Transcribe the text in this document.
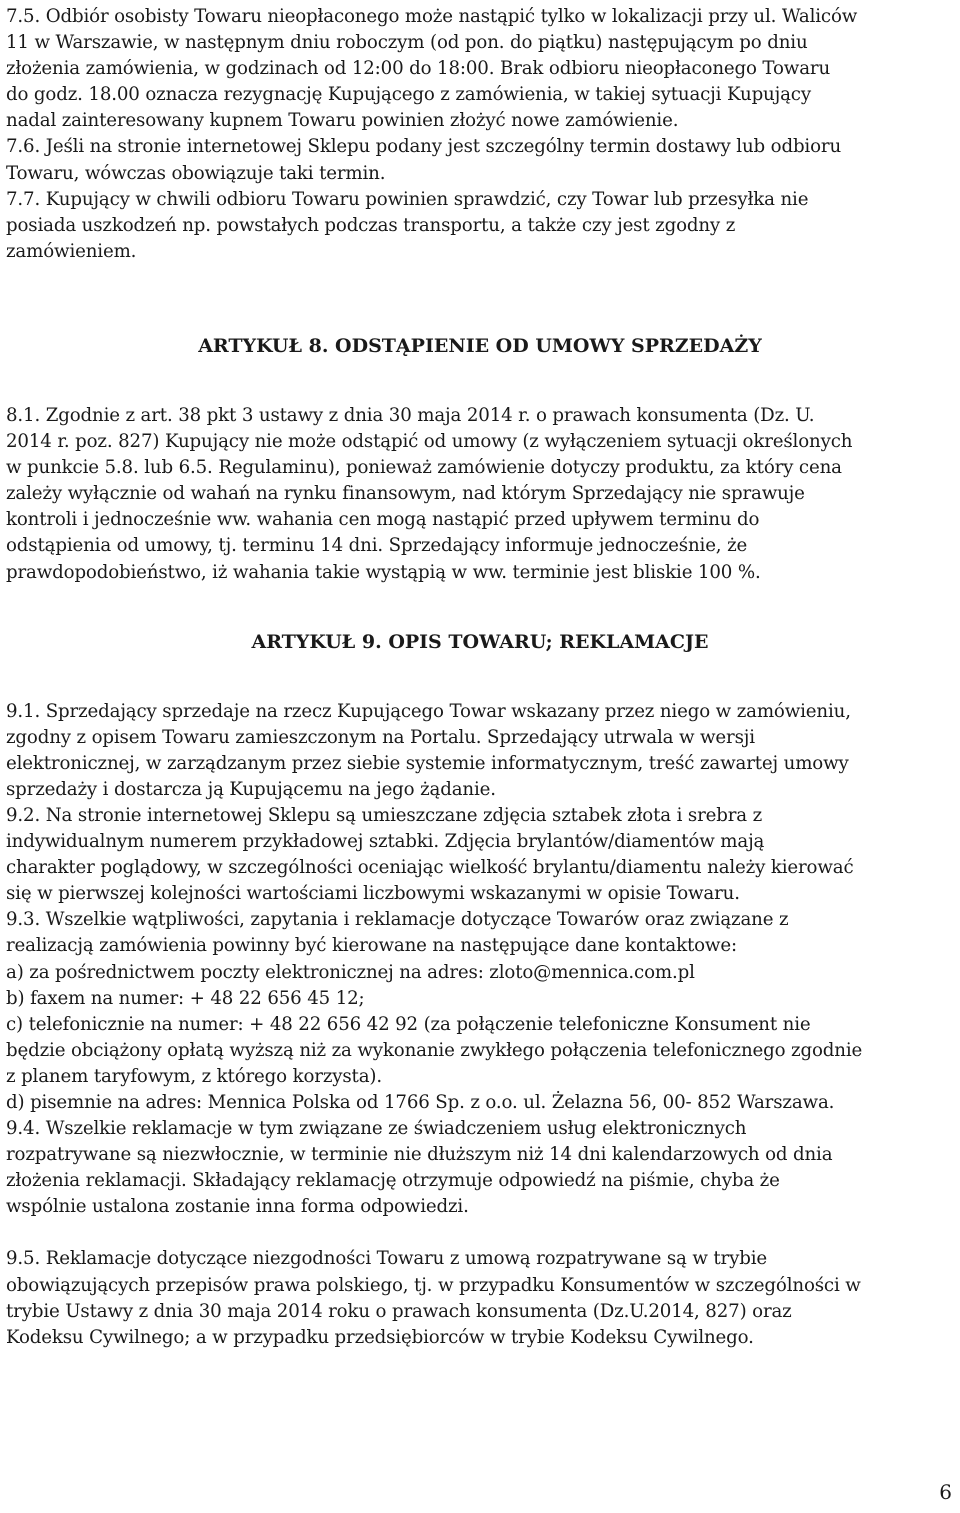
7.5. Odbiór osobisty Towaru nieopłaconego może nastąpić tylko w lokalizacji przy ul. Waliców
11 w Warszawie, w następnym dniu roboczym (od pon. do piątku) następującym po dniu
złożenia zamówienia, w godzinach od 12:00 do 18:00. Brak odbioru nieopłaconego Towaru
do godz. 18.00 oznacza rezygnację Kupującego z zamówienia, w takiej sytuacji Kupujący
nadal zainteresowany kupnem Towaru powinien złożyć nowe zamówienie.
7.6. Jeśli na stronie internetowej Sklepu podany jest szczególny termin dostawy lub odbioru
Towaru, wówczas obowiązuje taki termin.
7.7. Kupujący w chwili odbioru Towaru powinien sprawdzić, czy Towar lub przesyłka nie
posiada uszkodzeń np. powstałych podczas transportu, a także czy jest zgodny z
zamówieniem.
ARTYKUŁ 8. ODSTĄPIENIE OD UMOWY SPRZEDAŻY
8.1. Zgodnie z art. 38 pkt 3 ustawy z dnia 30 maja 2014 r. o prawach konsumenta (Dz. U.
2014 r. poz. 827) Kupujący nie może odstąpić od umowy (z wyłączeniem sytuacji określonych
w punkcie 5.8. lub 6.5. Regulaminu), ponieważ zamówienie dotyczy produktu, za który cena
zależy wyłącznie od wahań na rynku finansowym, nad którym Sprzedający nie sprawuje
kontroli i jednocześnie ww. wahania cen mogą nastąpić przed upływem terminu do
odstąpienia od umowy, tj. terminu 14 dni. Sprzedający informuje jednocześnie, że
prawdopodobieństwo, iż wahania takie wystąpią w ww. terminie jest bliskie 100 %.
ARTYKUŁ 9. OPIS TOWARU; REKLAMACJE
9.1. Sprzedający sprzedaje na rzecz Kupującego Towar wskazany przez niego w zamówieniu,
zgodny z opisem Towaru zamieszczonym na Portalu. Sprzedający utrwala w wersji
elektronicznej, w zarządzanym przez siebie systemie informatycznym, treść zawartej umowy
sprzedaży i dostarcza ją Kupującemu na jego żądanie.
9.2. Na stronie internetowej Sklepu są umieszczane zdjęcia sztabek złota i srebra z
indywidualnym numerem przykładowej sztabki. Zdjęcia brylantów/diamentów mają
charakter poglądowy, w szczególności oceniając wielkość brylantu/diamentu należy kierować
się w pierwszej kolejności wartościami liczbowymi wskazanymi w opisie Towaru.
9.3. Wszelkie wątpliwości, zapytania i reklamacje dotyczące Towarów oraz związane z
realizacją zamówienia powinny być kierowane na następujące dane kontaktowe:
a) za pośrednictwem poczty elektronicznej na adres: zloto@mennica.com.pl
b) faxem na numer: + 48 22 656 45 12;
c) telefonicznie na numer: + 48 22 656 42 92 (za połączenie telefoniczne Konsument nie
będzie obciążony opłatą wyższą niż za wykonanie zwykłego połączenia telefonicznego zgodnie
z planem taryfowym, z którego korzysta).
d) pisemnie na adres: Mennica Polska od 1766 Sp. z o.o. ul. Żelazna 56, 00- 852 Warszawa.
9.4. Wszelkie reklamacje w tym związane ze świadczeniem usług elektronicznych
rozpatrywane są niezwłocznie, w terminie nie dłuższym niż 14 dni kalendarzowych od dnia
złożenia reklamacji. Składający reklamację otrzymuje odpowiedź na piśmie, chyba że
wspólnie ustalona zostanie inna forma odpowiedzi.
9.5. Reklamacje dotyczące niezgodności Towaru z umową rozpatrywane są w trybie
obowiązujących przepisów prawa polskiego, tj. w przypadku Konsumentów w szczególności w
trybie Ustawy z dnia 30 maja 2014 roku o prawach konsumenta (Dz.U.2014, 827) oraz
Kodeksu Cywilnego; a w przypadku przedsiębiorców w trybie Kodeksu Cywilnego.
6
